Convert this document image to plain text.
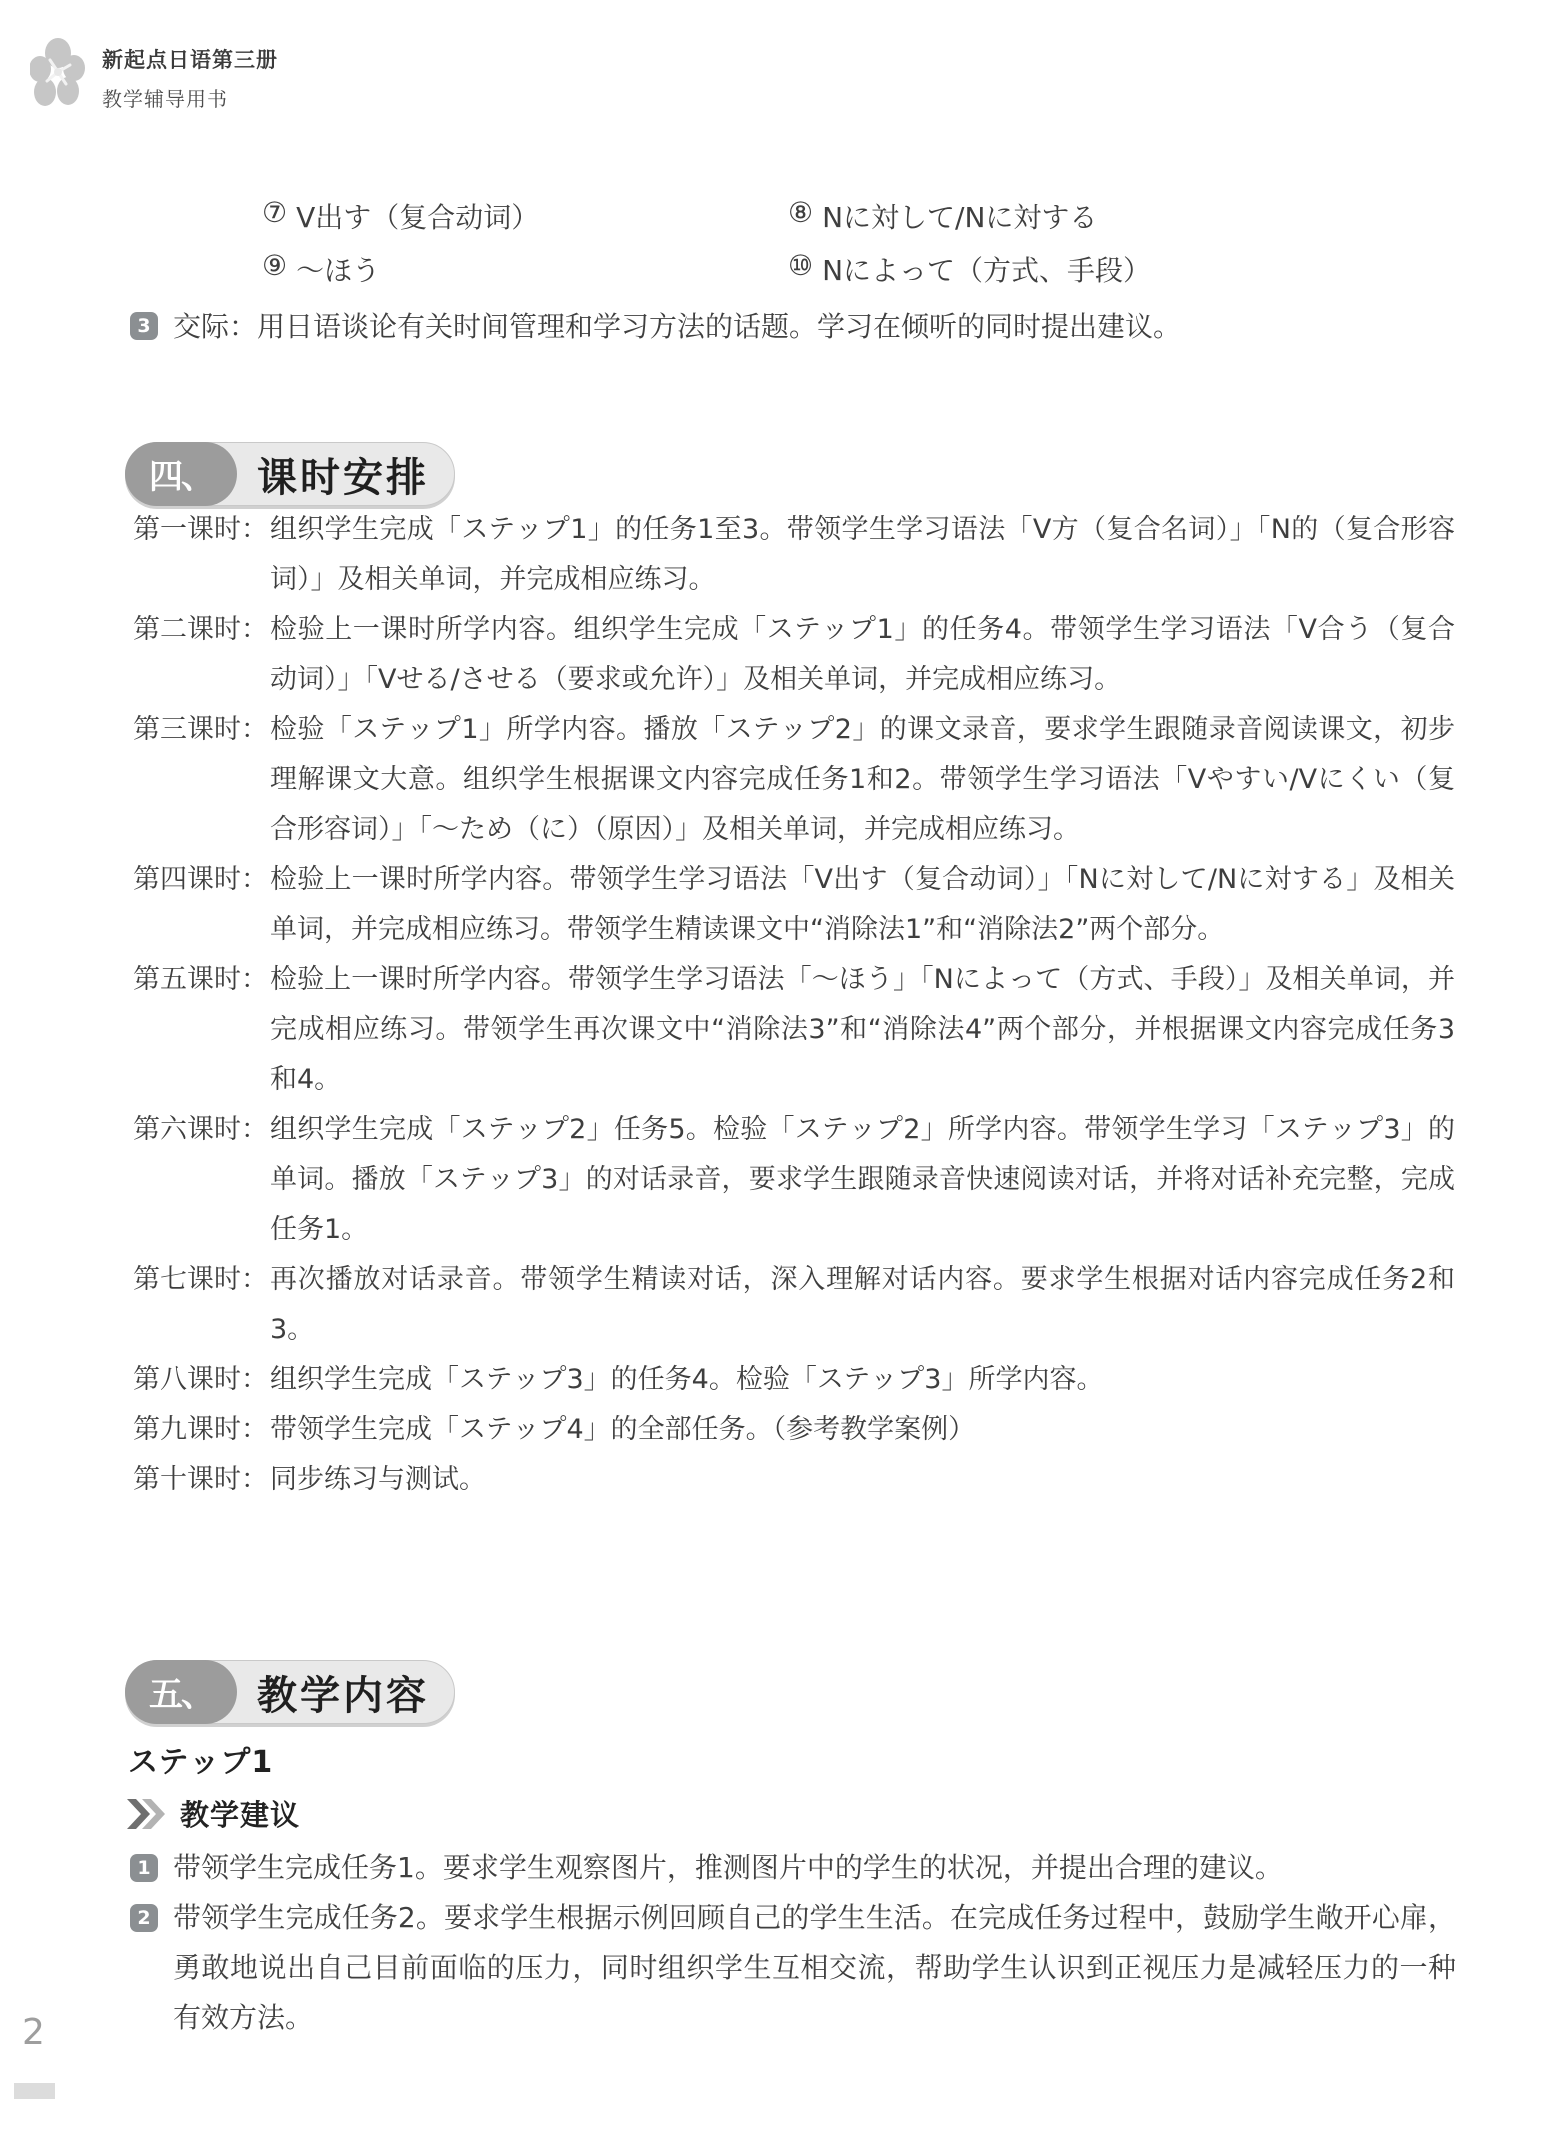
新起点日语第三册
教学辅导用书
⑦ V出す（复合动词）	⑧ Nに対して/Nに対する
⑨ ～ほう	⑩ Nによって（方式、手段）
3 交际：用日语谈论有关时间管理和学习方法的话题。学习在倾听的同时提出建议。
四、	课时安排
第一课时： 组织学生完成「ステップ1」的任务1至3。带领学生学习语法「V方（复合名词）」「N的（复合形容词）」及相关单词，并完成相应练习。
第二课时： 检验上一课时所学内容。组织学生完成「ステップ1」的任务4。带领学生学习语法「V合う（复合动词）」「Vせる/させる（要求或允许）」及相关单词，并完成相应练习。
第三课时： 检验「ステップ1」所学内容。播放「ステップ2」的课文录音，要求学生跟随录音阅读课文，初步理解课文大意。组织学生根据课文内容完成任务1和2。带领学生学习语法「Vやすい/Vにくい（复合形容词）」「～ため（に）（原因）」及相关单词，并完成相应练习。
第四课时： 检验上一课时所学内容。带领学生学习语法「V出す（复合动词）」「Nに対して/Nに対する」及相关单词，并完成相应练习。带领学生精读课文中“消除法1”和“消除法2”两个部分。
第五课时： 检验上一课时所学内容。带领学生学习语法「～ほう」「Nによって（方式、手段）」及相关单词，并完成相应练习。带领学生再次课文中“消除法3”和“消除法4”两个部分，并根据课文内容完成任务3和4。
第六课时： 组织学生完成「ステップ2」任务5。检验「ステップ2」所学内容。带领学生学习「ステップ3」的单词。播放「ステップ3」的对话录音，要求学生跟随录音快速阅读对话，并将对话补充完整，完成任务1。
第七课时： 再次播放对话录音。带领学生精读对话，深入理解对话内容。要求学生根据对话内容完成任务2和3。
第八课时： 组织学生完成「ステップ3」的任务4。检验「ステップ3」所学内容。
第九课时： 带领学生完成「ステップ4」的全部任务。（参考教学案例）
第十课时： 同步练习与测试。
五、	教学内容
ステップ1
教学建议
1 带领学生完成任务1。要求学生观察图片，推测图片中的学生的状况，并提出合理的建议。
2 带领学生完成任务2。要求学生根据示例回顾自己的学生生活。在完成任务过程中，鼓励学生敞开心扉，勇敢地说出自己目前面临的压力，同时组织学生互相交流，帮助学生认识到正视压力是减轻压力的一种有效方法。
2
